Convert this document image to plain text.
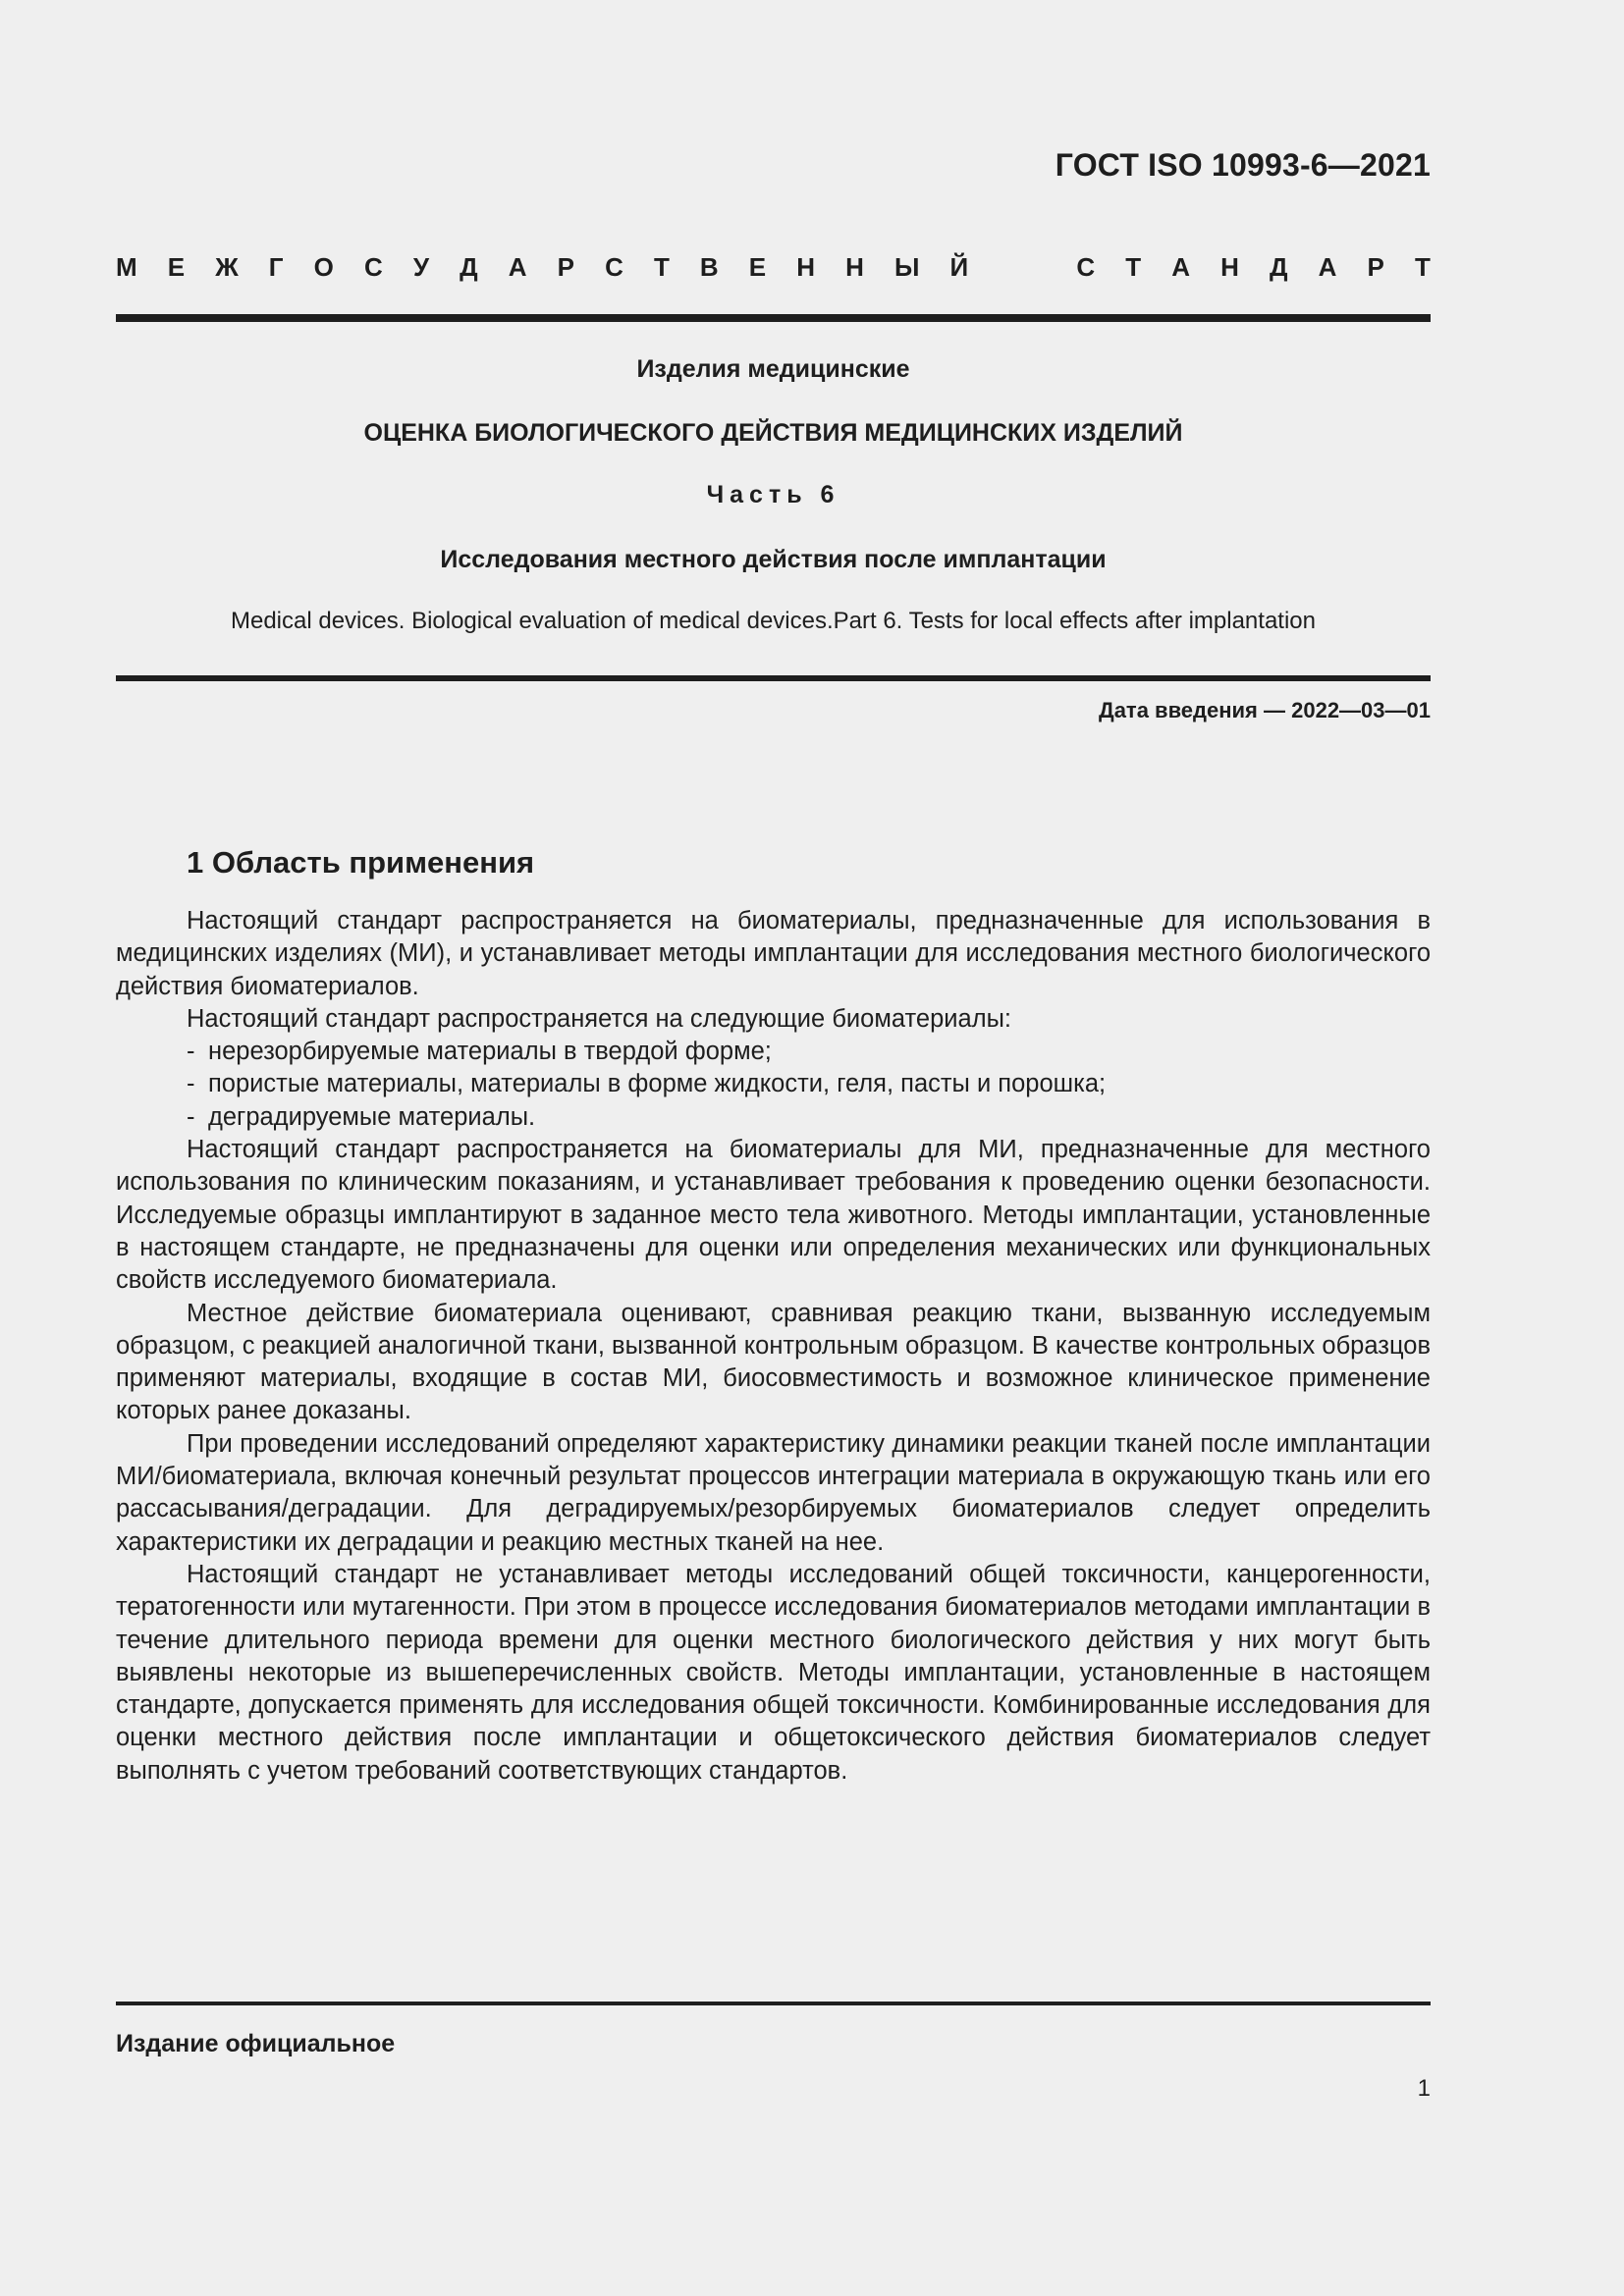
ГОСТ ISO 10993-6—2021
М Е Ж Г О С У Д А Р С Т В Е Н Н Ы Й	С Т А Н Д А Р Т
Изделия медицинские
ОЦЕНКА БИОЛОГИЧЕСКОГО ДЕЙСТВИЯ МЕДИЦИНСКИХ ИЗДЕЛИЙ
Часть 6
Исследования местного действия после имплантации
Medical devices. Biological evaluation of medical devices.Part 6. Tests for local effects after implantation
Дата введения — 2022—03—01
1 Область применения

Настоящий стандарт распространяется на биоматериалы, предназначенные для использования в медицинских изделиях (МИ), и устанавливает методы имплантации для исследования местного биологического действия биоматериалов.

Настоящий стандарт распространяется на следующие биоматериалы:

- нерезорбируемые материалы в твердой форме;
- пористые материалы, материалы в форме жидкости, геля, пасты и порошка;
- деградируемые материалы.

Настоящий стандарт распространяется на биоматериалы для МИ, предназначенные для местного использования по клиническим показаниям, и устанавливает требования к проведению оценки безопасности. Исследуемые образцы имплантируют в заданное место тела животного. Методы имплантации, установленные в настоящем стандарте, не предназначены для оценки или определения механических или функциональных свойств исследуемого биоматериала.

Местное действие биоматериала оценивают, сравнивая реакцию ткани, вызванную исследуемым образцом, с реакцией аналогичной ткани, вызванной контрольным образцом. В качестве контрольных образцов применяют материалы, входящие в состав МИ, биосовместимость и возможное клиническое применение которых ранее доказаны.

При проведении исследований определяют характеристику динамики реакции тканей после имплантации МИ/биоматериала, включая конечный результат процессов интеграции материала в окружающую ткань или его рассасывания/деградации. Для деградируемых/резорбируемых биоматериалов следует определить характеристики их деградации и реакцию местных тканей на нее.

Настоящий стандарт не устанавливает методы исследований общей токсичности, канцерогенности, тератогенности или мутагенности. При этом в процессе исследования биоматериалов методами имплантации в течение длительного периода времени для оценки местного биологического действия у них могут быть выявлены некоторые из вышеперечисленных свойств. Методы имплантации, установленные в настоящем стандарте, допускается применять для исследования общей токсичности. Комбинированные исследования для оценки местного действия после имплантации и общетоксического действия биоматериалов следует выполнять с учетом требований соответствующих стандартов.

Издание официальное
1
